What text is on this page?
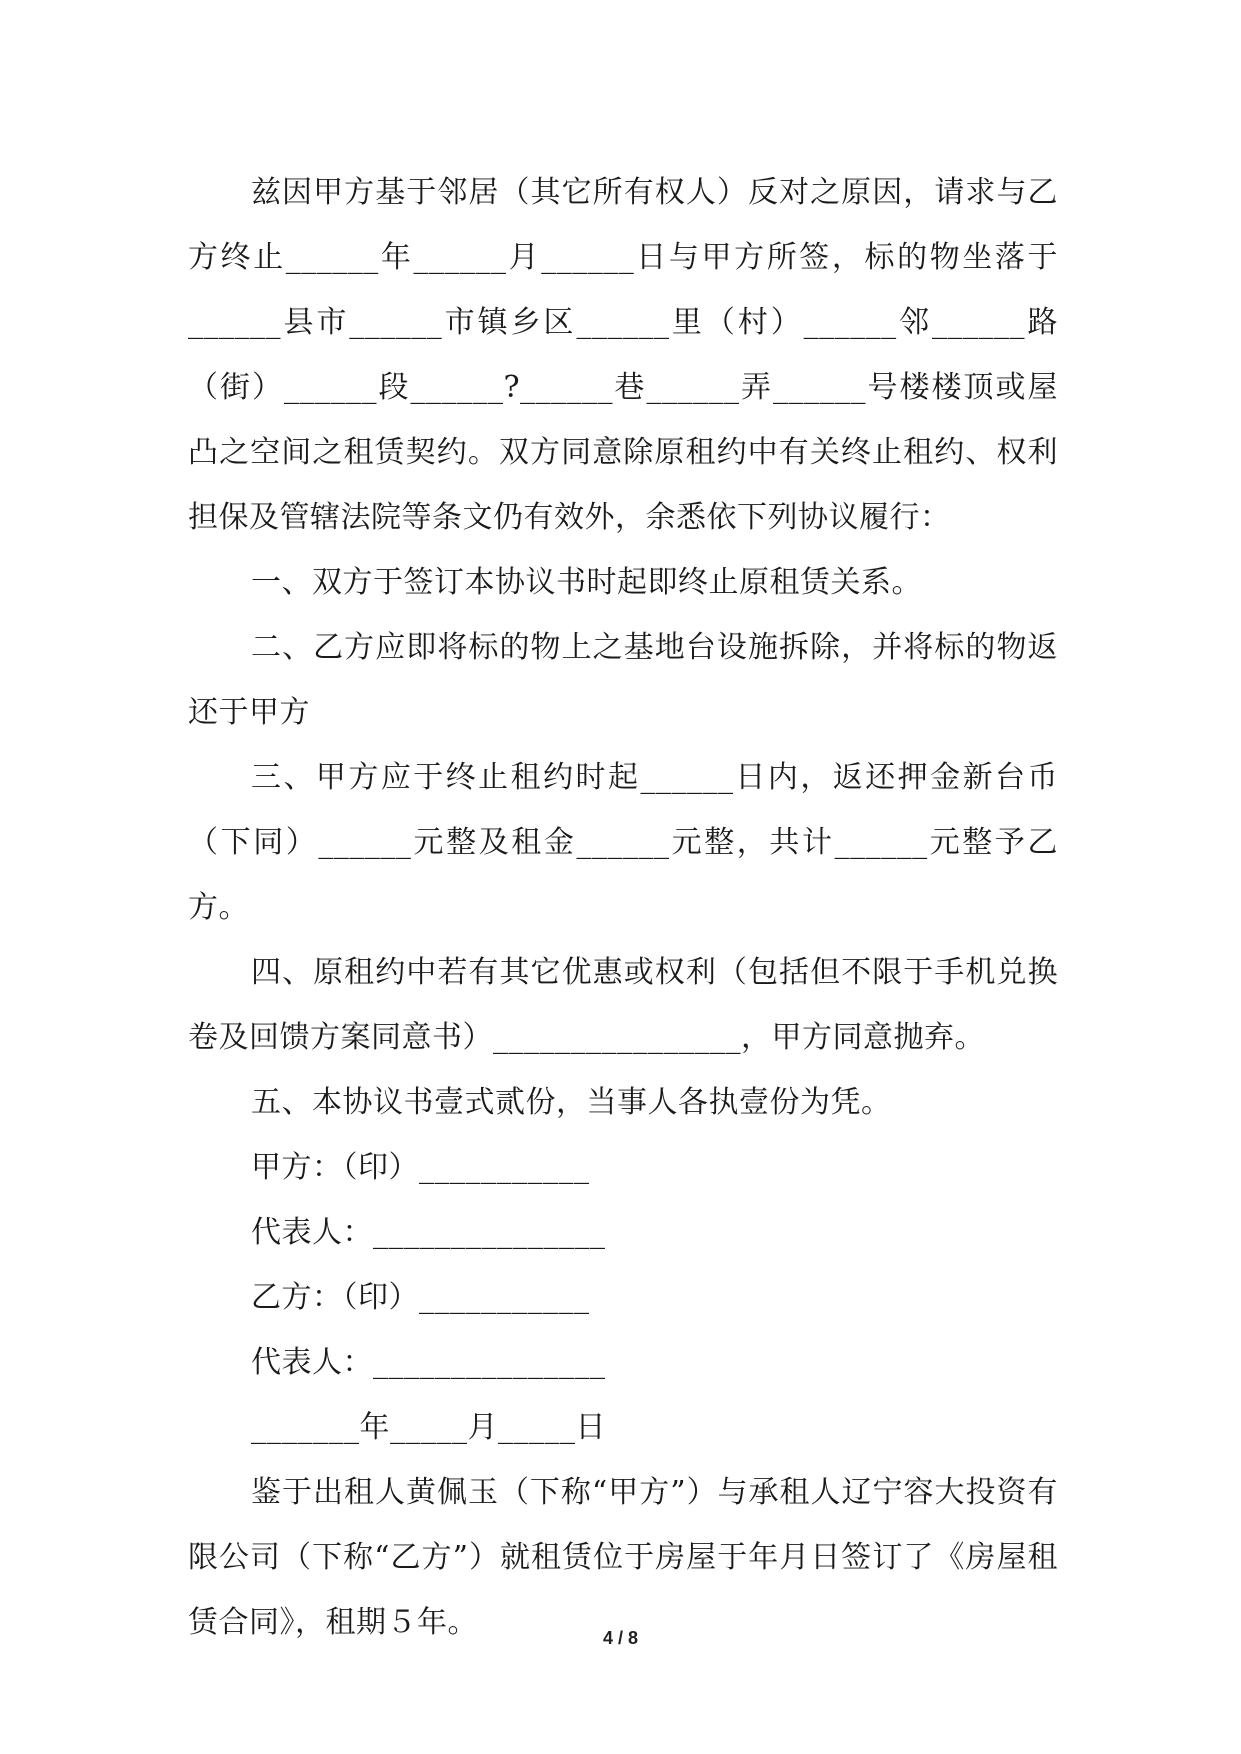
兹因甲方基于邻居（其它所有权人）反对之原因，请求与乙方终止______年______月______日与甲方所签，标的物坐落于______县市______市镇乡区______里（村）______邻______路（街）______段______?______巷______弄______号楼楼顶或屋凸之空间之租赁契约。双方同意除原租约中有关终止租约、权利担保及管辖法院等条文仍有效外，余悉依下列协议履行：

一、双方于签订本协议书时起即终止原租赁关系。

二、乙方应即将标的物上之基地台设施拆除，并将标的物返还于甲方

三、甲方应于终止租约时起______日内，返还押金新台币（下同）______元整及租金______元整，共计______元整予乙方。

四、原租约中若有其它优惠或权利（包括但不限于手机兑换卷及回馈方案同意书）________________，甲方同意抛弃。

五、本协议书壹式贰份，当事人各执壹份为凭。

甲方：（印）___________

代表人：_______________

乙方：（印）___________

代表人：_______________

_______年_____月_____日

鉴于出租人黄佩玉（下称“甲方”）与承租人辽宁容大投资有限公司（下称“乙方”）就租赁位于房屋于年月日签订了《房屋租赁合同》，租期５年。	4 / 8
